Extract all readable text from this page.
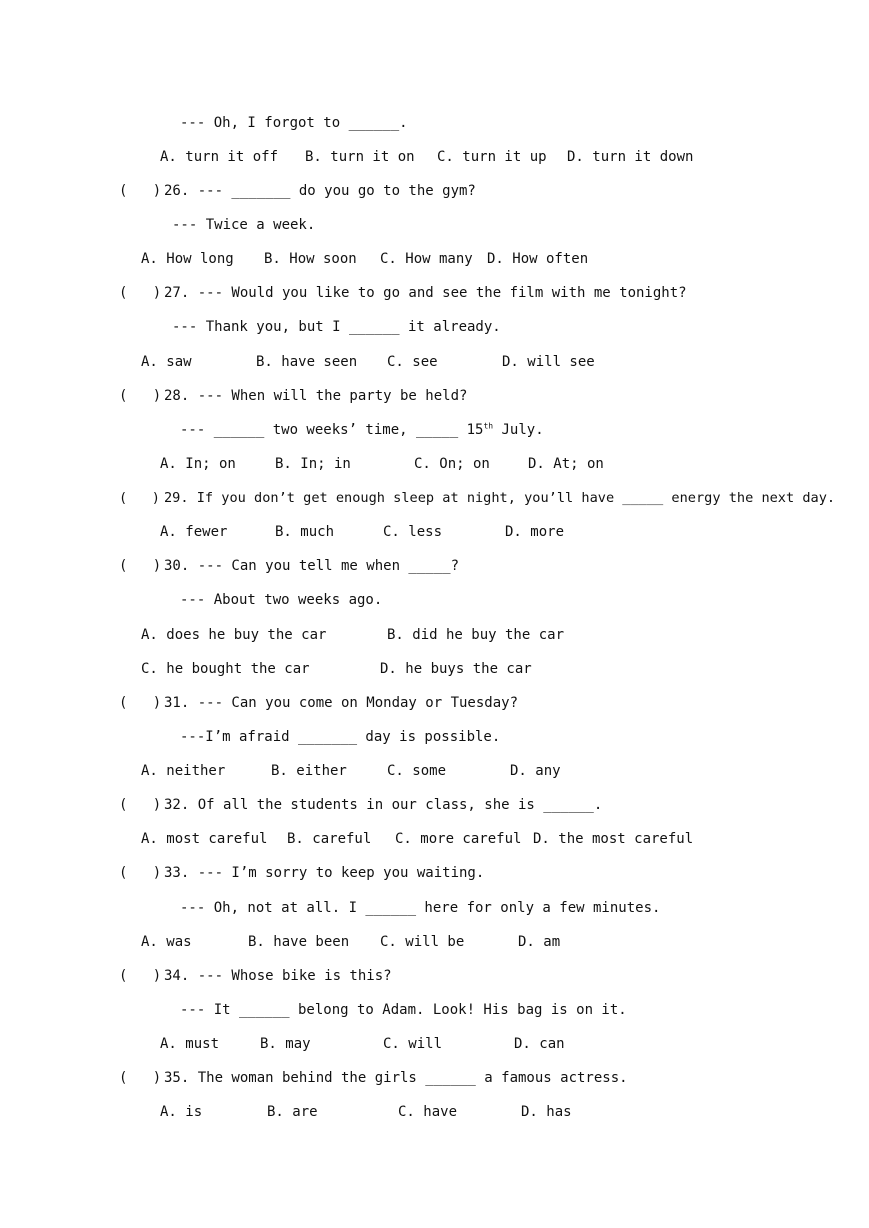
--- Oh, I forgot to ______.
A. turn it off B. turn it on C. turn it up D. turn it down
(   ) 26. --- _______ do you go to the gym?
--- Twice a week.
A. How long B. How soon C. How many D. How often
(   ) 27. --- Would you like to go and see the film with me tonight?
--- Thank you, but I ______ it already.
A. saw	B. have seen C. see	D. will see
(   ) 28. --- When will the party be held?
--- ______ two weeks’ time, _____ 15th July.
A. In; on	B. In; in	C. On; on	D. At; on
(   ) 29. If you don’t get enough sleep at night, you’ll have _____ energy the next day.
A. fewer	B. much	C. less	D. more
(   ) 30. --- Can you tell me when _____?
--- About two weeks ago.
A. does he buy the car	B. did he buy the car
C. he bought the car	D. he buys the car
(   ) 31. --- Can you come on Monday or Tuesday?
---I’m afraid _______ day is possible.
A. neither	B. either	C. some	D. any
(   ) 32. Of all the students in our class, she is ______.
A. most careful B. careful C. more careful D. the most careful
(   ) 33. --- I’m sorry to keep you waiting.
--- Oh, not at all. I ______ here for only a few minutes.
A. was	B. have been C. will be	D. am
(   ) 34. --- Whose bike is this?
--- It ______ belong to Adam. Look! His bag is on it.
A. must	B. may	C. will	D. can
(   ) 35. The woman behind the girls ______ a famous actress.
A. is	B. are	C. have	D. has
